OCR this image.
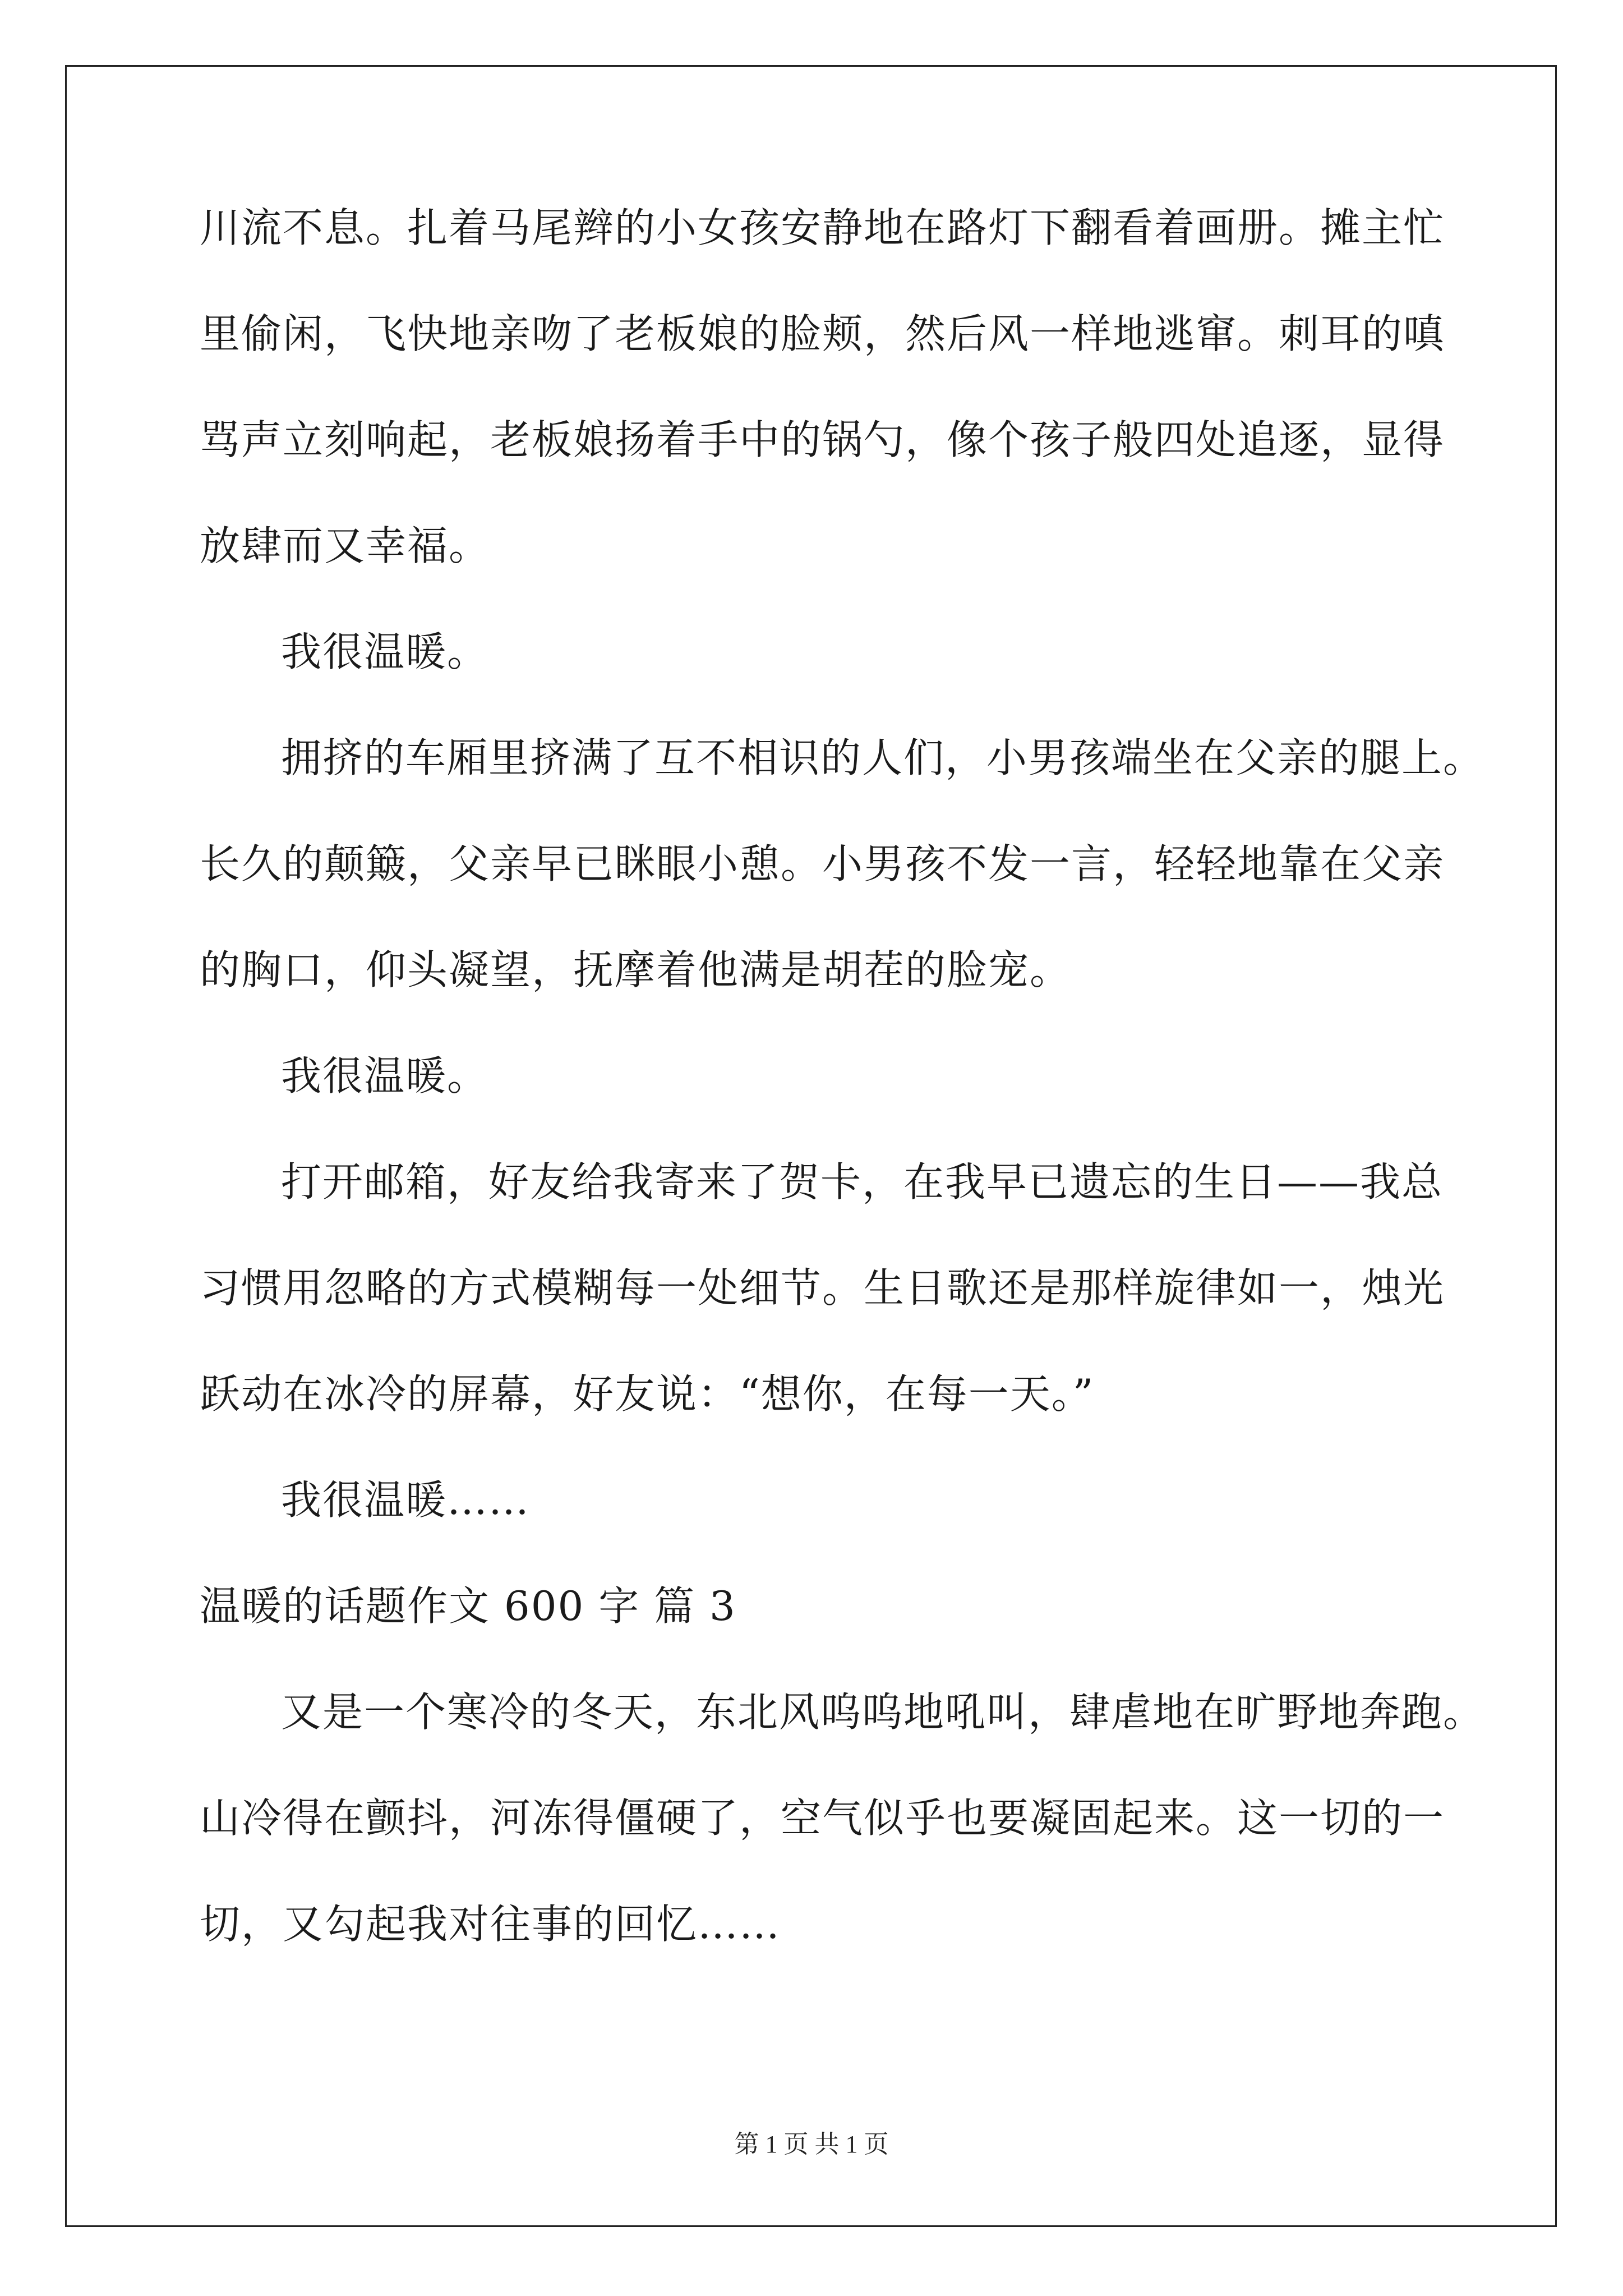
川流不息。扎着马尾辫的小女孩安静地在路灯下翻看着画册。摊主忙
里偷闲，飞快地亲吻了老板娘的脸颊，然后风一样地逃窜。刺耳的嗔
骂声立刻响起，老板娘扬着手中的锅勺，像个孩子般四处追逐，显得
放肆而又幸福。
我很温暖。
拥挤的车厢里挤满了互不相识的人们，小男孩端坐在父亲的腿上。
长久的颠簸，父亲早已眯眼小憩。小男孩不发一言，轻轻地靠在父亲
的胸口，仰头凝望，抚摩着他满是胡茬的脸宠。
我很温暖。
打开邮箱，好友给我寄来了贺卡，在我早已遗忘的生日——我总
习惯用忽略的方式模糊每一处细节。生日歌还是那样旋律如一，烛光
跃动在冰冷的屏幕，好友说：“想你，在每一天。”
我很温暖……
温暖的话题作文 600 字 篇 3
又是一个寒冷的冬天，东北风呜呜地吼叫，肆虐地在旷野地奔跑。
山冷得在颤抖，河冻得僵硬了，空气似乎也要凝固起来。这一切的一
切，又勾起我对往事的回忆……
第 1 页 共 1 页
